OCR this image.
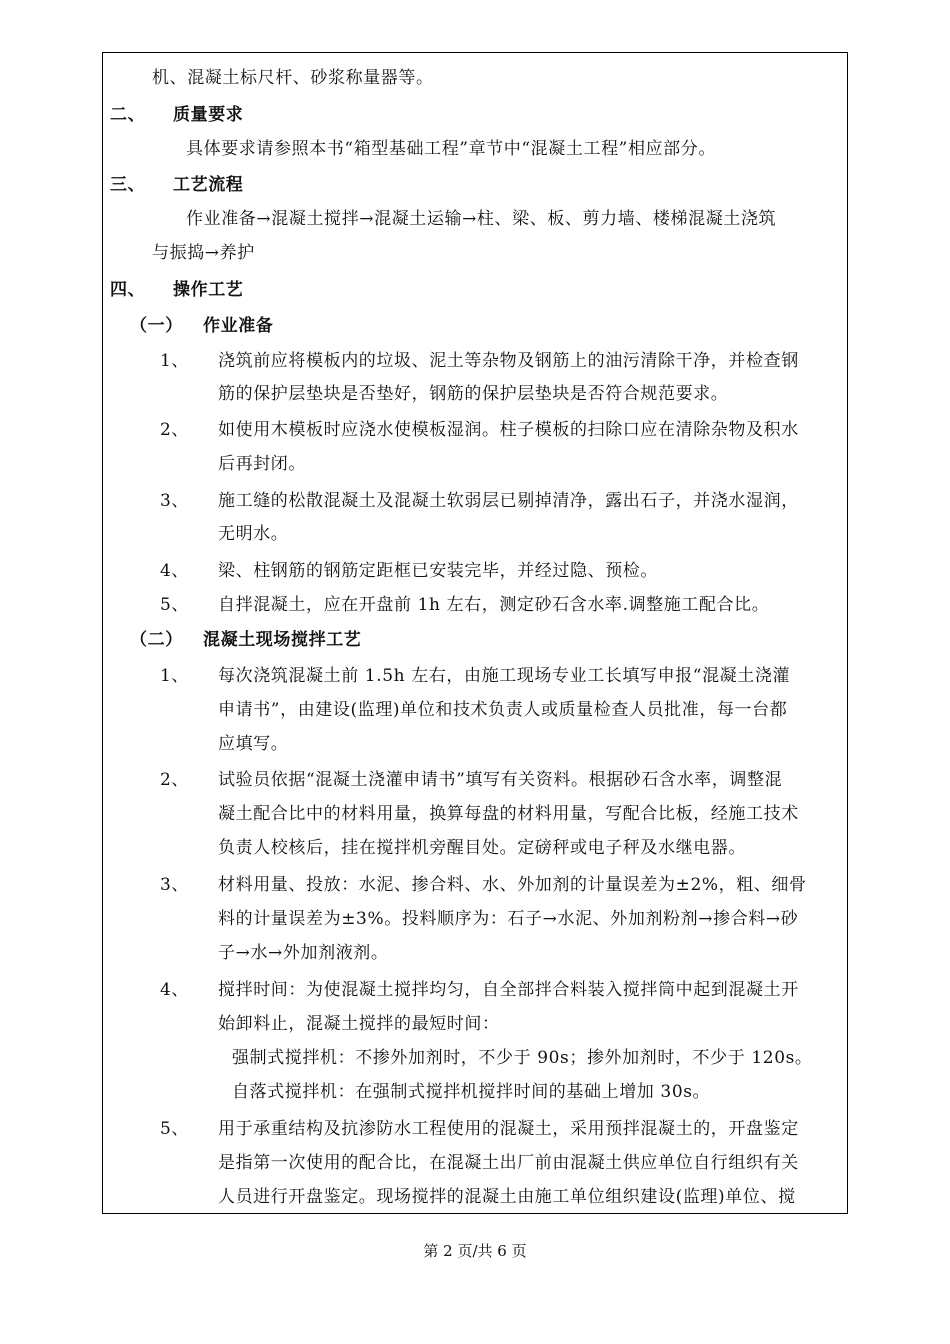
机、混凝土标尺杆、砂浆称量器等。
二、 质量要求
具体要求请参照本书“箱型基础工程”章节中“混凝土工程”相应部分。
三、 工艺流程
作业准备→混凝土搅拌→混凝土运输→柱、梁、板、剪力墙、楼梯混凝土浇筑
与振捣→养护
四、 操作工艺
（一） 作业准备
1、 浇筑前应将模板内的垃圾、泥土等杂物及钢筋上的油污清除干净，并检查钢
筋的保护层垫块是否垫好，钢筋的保护层垫块是否符合规范要求。
2、 如使用木模板时应浇水使模板湿润。柱子模板的扫除口应在清除杂物及积水
后再封闭。
3、 施工缝的松散混凝土及混凝土软弱层已剔掉清净，露出石子，并浇水湿润，
无明水。
4、 梁、柱钢筋的钢筋定距框已安装完毕，并经过隐、预检。
5、 自拌混凝土，应在开盘前 1h 左右，测定砂石含水率.调整施工配合比。
（二） 混凝土现场搅拌工艺
1、 每次浇筑混凝土前 1.5h 左右，由施工现场专业工长填写申报“混凝土浇灌
申请书”，由建设(监理)单位和技术负责人或质量检查人员批准，每一台都
应填写。
2、 试验员依据“混凝土浇灌申请书”填写有关资料。根据砂石含水率，调整混
凝土配合比中的材料用量，换算每盘的材料用量，写配合比板，经施工技术
负责人校核后，挂在搅拌机旁醒目处。定磅秤或电子秤及水继电器。
3、 材料用量、投放：水泥、掺合料、水、外加剂的计量误差为±2%，粗、细骨
料的计量误差为±3%。投料顺序为：石子→水泥、外加剂粉剂→掺合料→砂
子→水→外加剂液剂。
4、 搅拌时间：为使混凝土搅拌均匀，自全部拌合料装入搅拌筒中起到混凝土开
始卸料止，混凝土搅拌的最短时间：
强制式搅拌机：不掺外加剂时，不少于 90s；掺外加剂时，不少于 120s。
自落式搅拌机：在强制式搅拌机搅拌时间的基础上增加 30s。
5、 用于承重结构及抗渗防水工程使用的混凝土，采用预拌混凝土的，开盘鉴定
是指第一次使用的配合比，在混凝土出厂前由混凝土供应单位自行组织有关
人员进行开盘鉴定。现场搅拌的混凝土由施工单位组织建设(监理)单位、搅
第 2 页/共 6 页
